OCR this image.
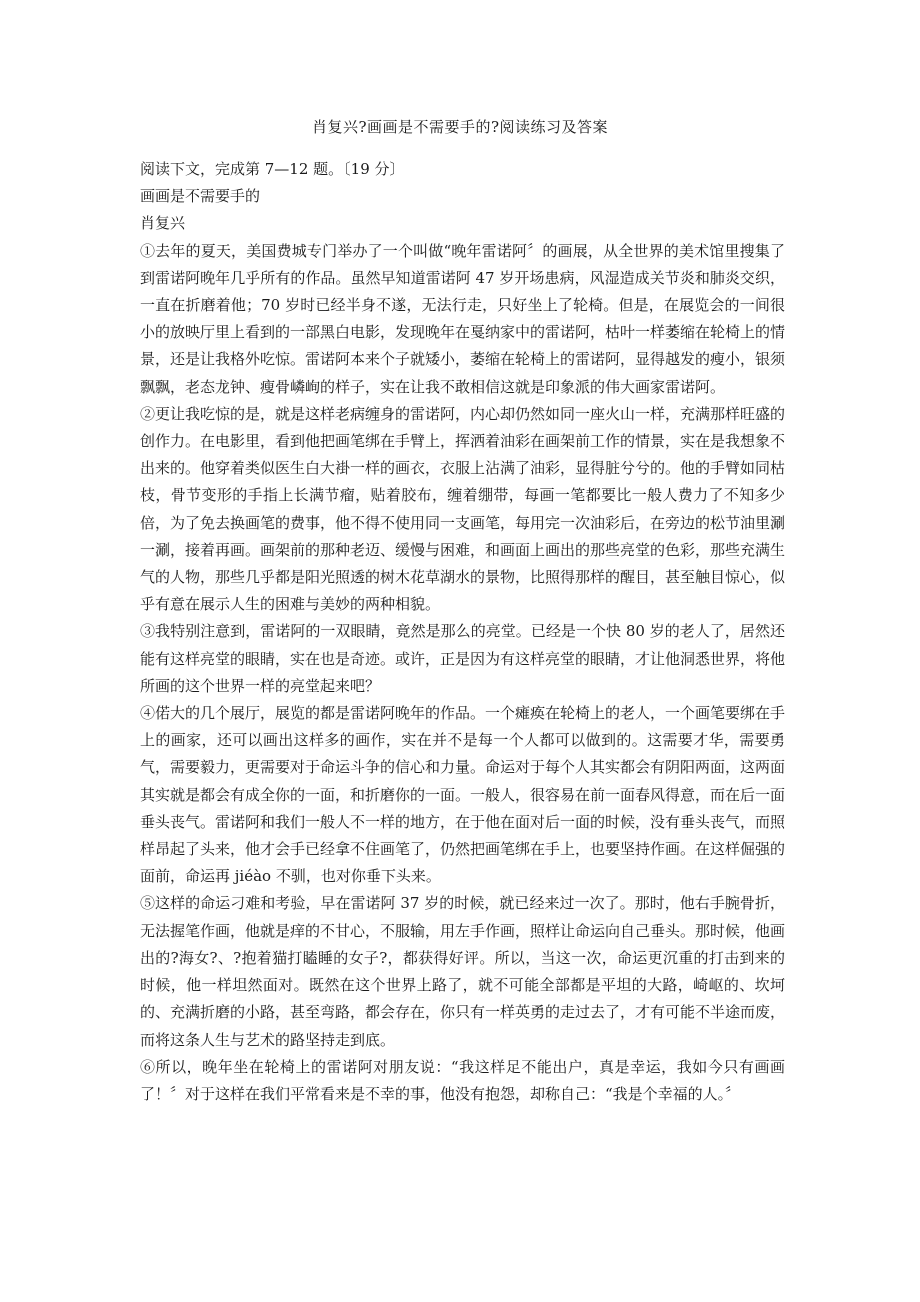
肖复兴?画画是不需要手的?阅读练习及答案

阅读下文，完成第 7—12 题。〔19 分〕

画画是不需要手的

肖复兴

①去年的夏天，美国费城专门举办了一个叫做“晚年雷诺阿〞的画展，从全世界的美术馆里搜集了到雷诺阿晚年几乎所有的作品。虽然早知道雷诺阿 47 岁开场患病，风湿造成关节炎和肺炎交织，一直在折磨着他；70 岁时已经半身不遂，无法行走，只好坐上了轮椅。但是，在展览会的一间很小的放映厅里上看到的一部黑白电影，发现晚年在戛纳家中的雷诺阿，枯叶一样萎缩在轮椅上的情景，还是让我格外吃惊。雷诺阿本来个子就矮小，萎缩在轮椅上的雷诺阿，显得越发的瘦小，银须飘飘，老态龙钟、瘦骨嶙峋的样子，实在让我不敢相信这就是印象派的伟大画家雷诺阿。

②更让我吃惊的是，就是这样老病缠身的雷诺阿，内心却仍然如同一座火山一样，充满那样旺盛的创作力。在电影里，看到他把画笔绑在手臂上，挥洒着油彩在画架前工作的情景，实在是我想象不出来的。他穿着类似医生白大褂一样的画衣，衣服上沾满了油彩，显得脏兮兮的。他的手臂如同枯枝，骨节变形的手指上长满节瘤，贴着胶布，缠着绷带，每画一笔都要比一般人费力了不知多少倍，为了免去换画笔的费事，他不得不使用同一支画笔，每用完一次油彩后，在旁边的松节油里涮一涮，接着再画。画架前的那种老迈、缓慢与困难，和画面上画出的那些亮堂的色彩，那些充满生气的人物，那些几乎都是阳光照透的树木花草湖水的景物，比照得那样的醒目，甚至触目惊心，似乎有意在展示人生的困难与美妙的两种相貌。

③我特别注意到，雷诺阿的一双眼睛，竟然是那么的亮堂。已经是一个快 80 岁的老人了，居然还能有这样亮堂的眼睛，实在也是奇迹。或许，正是因为有这样亮堂的眼睛，才让他洞悉世界，将他所画的这个世界一样的亮堂起来吧？

④偌大的几个展厅，展览的都是雷诺阿晚年的作品。一个瘫痪在轮椅上的老人，一个画笔要绑在手上的画家，还可以画出这样多的画作，实在并不是每一个人都可以做到的。这需要才华，需要勇气，需要毅力，更需要对于命运斗争的信心和力量。命运对于每个人其实都会有阴阳两面，这两面其实就是都会有成全你的一面，和折磨你的一面。一般人，很容易在前一面春风得意，而在后一面垂头丧气。雷诺阿和我们一般人不一样的地方，在于他在面对后一面的时候，没有垂头丧气，而照样昂起了头来，他才会手已经拿不住画笔了，仍然把画笔绑在手上，也要坚持作画。在这样倔强的面前，命运再 jiéào 不驯，也对你垂下头来。

⑤这样的命运刁难和考验，早在雷诺阿 37 岁的时候，就已经来过一次了。那时，他右手腕骨折，无法握笔作画，他就是痒的不甘心，不服输，用左手作画，照样让命运向自己垂头。那时候，他画出的?海女?、?抱着猫打瞌睡的女子?，都获得好评。所以，当这一次，命运更沉重的打击到来的时候，他一样坦然面对。既然在这个世界上路了，就不可能全部都是平坦的大路，崎岖的、坎坷的、充满折磨的小路，甚至弯路，都会存在，你只有一样英勇的走过去了，才有可能不半途而废，而将这条人生与艺术的路坚持走到底。

⑥所以，晚年坐在轮椅上的雷诺阿对朋友说：“我这样足不能出户，真是幸运，我如今只有画画了！〞对于这样在我们平常看来是不幸的事，他没有抱怨，却称自己：“我是个幸福的人。〞
